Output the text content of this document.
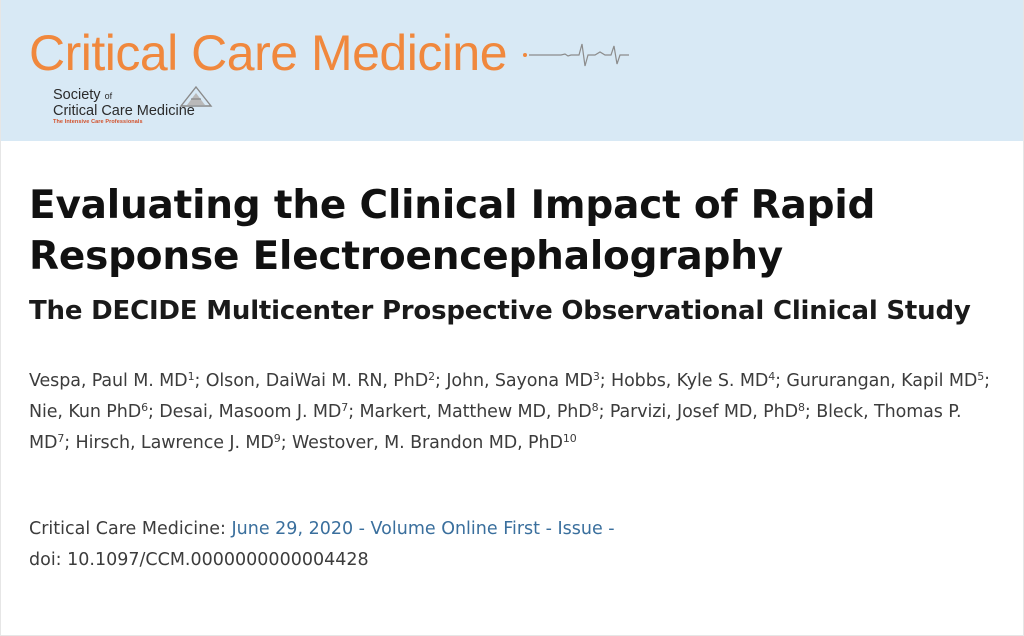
Critical Care Medicine
Society of
Critical Care Medicine
The Intensive Care Professionals
Evaluating the Clinical Impact of Rapid Response Electroencephalography
The DECIDE Multicenter Prospective Observational Clinical Study
Vespa, Paul M. $MD^1$; Olson, DaiWai M. RN, PhD$^2$; John, Sayona $MD^3$; Hobbs, Kyle S. $MD^4$; Gururangan, Kapil $MD^5$; Nie, Kun PhD$^6$; Desai, Masoom J. $MD^7$; Markert, Matthew MD, PhD$^8$; Parvizi, Josef MD, PhD$^8$; Bleck, Thomas P. $MD^7$; Hirsch, Lawrence J. $MD^9$; Westover, M. Brandon MD, PhD$^{10}$
Critical Care Medicine: June 29, 2020 - Volume Online First - Issue -
doi: 10.1097/CCM.0000000000004428
